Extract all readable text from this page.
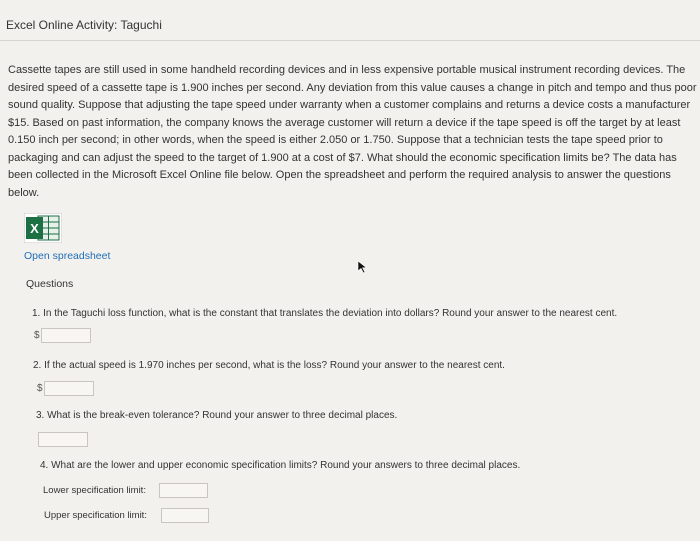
Excel Online Activity: Taguchi
Cassette tapes are still used in some handheld recording devices and in less expensive portable musical instrument recording devices. The desired speed of a cassette tape is 1.900 inches per second. Any deviation from this value causes a change in pitch and tempo and thus poor sound quality. Suppose that adjusting the tape speed under warranty when a customer complains and returns a device costs a manufacturer $15. Based on past information, the company knows the average customer will return a device if the tape speed is off the target by at least 0.150 inch per second; in other words, when the speed is either 2.050 or 1.750. Suppose that a technician tests the tape speed prior to packaging and can adjust the speed to the target of 1.900 at a cost of $7. What should the economic specification limits be? The data has been collected in the Microsoft Excel Online file below. Open the spreadsheet and perform the required analysis to answer the questions below.
X
Open spreadsheet
Questions
1. In the Taguchi loss function, what is the constant that translates the deviation into dollars? Round your answer to the nearest cent.
$
2. If the actual speed is 1.970 inches per second, what is the loss? Round your answer to the nearest cent.
$
3. What is the break-even tolerance? Round your answer to three decimal places.
4. What are the lower and upper economic specification limits? Round your answers to three decimal places.
Lower specification limit:
Upper specification limit:
